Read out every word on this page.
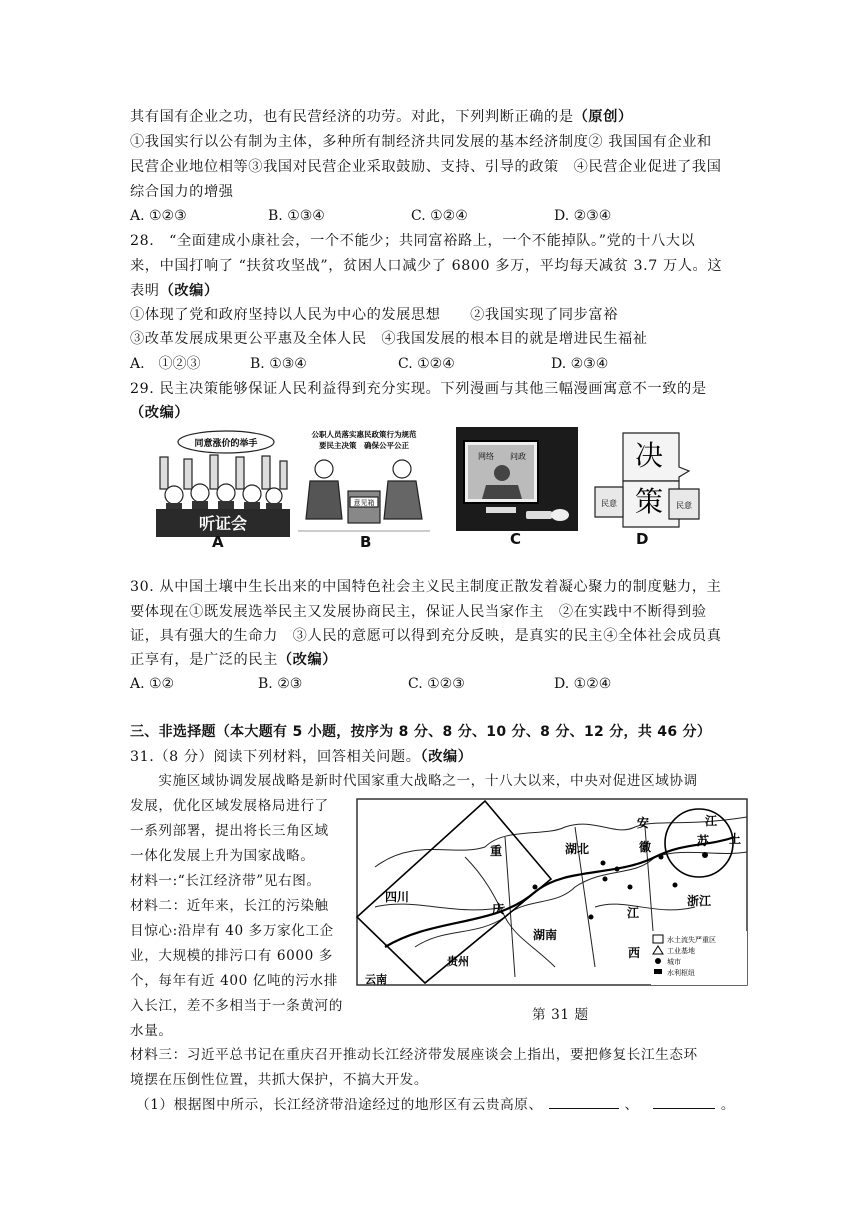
其有国有企业之功，也有民营经济的功劳。对此，下列判断正确的是（原创）
①我国实行以公有制为主体，多种所有制经济共同发展的基本经济制度② 我国国有企业和
民营企业地位相等③我国对民营企业采取鼓励、支持、引导的政策　④民营企业促进了我国
综合国力的增强
A. ①②③	B. ①③④	C. ①②④	D. ②③④
28.　“全面建成小康社会，一个不能少；共同富裕路上，一个不能掉队。”党的十八大以
来，中国打响了 “扶贫攻坚战”，贫困人口减少了 6800 多万，平均每天减贫 3.7 万人。这
表明（改编）
①体现了党和政府坚持以人民为中心的发展思想　　②我国实现了同步富裕
③改革发展成果更公平惠及全体人民　④我国发展的根本目的就是增进民生福祉
A.　①②③	B. ①③④	C. ①②④	D. ②③④
29. 民主决策能够保证人民利益得到充分实现。下列漫画与其他三幅漫画寓意不一致的是
（改编）
同意涨价的举手
听证会
A
公职人员落实惠民政策行为规范
要民主决策　确保公平公正
意见箱
B
网络 问政
C
决
策
民意	民意
D
30. 从中国土壤中生长出来的中国特色社会主义民主制度正散发着凝心聚力的制度魅力，主
要体现在①既发展选举民主又发展协商民主，保证人民当家作主　②在实践中不断得到验
证，具有强大的生命力　③人民的意愿可以得到充分反映，是真实的民主④全体社会成员真
正享有，是广泛的民主（改编）
A. ①②	B. ②③	C. ①②③	D. ①②④
三、非选择题（本大题有 5 小题，按序为 8 分、8 分、10 分、8 分、12 分，共 46 分）
31.（8 分）阅读下列材料，回答相关问题。（改编）
　　实施区域协调发展战略是新时代国家重大战略之一，十八大以来，中央对促进区域协调
发展，优化区域发展格局进行了
一系列部署，提出将长三角区域
一体化发展上升为国家战略。
材料一:“长江经济带”见右图。
材料二：近年来，长江的污染触
目惊心:沿岸有 40 多万家化工企
业，大规模的排污口有 6000 多
个，每年有近 400 亿吨的污水排
入长江，差不多相当于一条黄河的
水量。
四川
重
庆
湖北
湖南
贵州
云南
江
西
浙江
安
徽
江
苏 上
水土流失严重区
工业基地
城市
水利枢纽
第 31 题
材料三：习近平总书记在重庆召开推动长江经济带发展座谈会上指出，要把修复长江生态环
境摆在压倒性位置，共抓大保护，不搞大开发。
（1）根据图中所示，长江经济带沿途经过的地形区有云贵高原、	、	。
